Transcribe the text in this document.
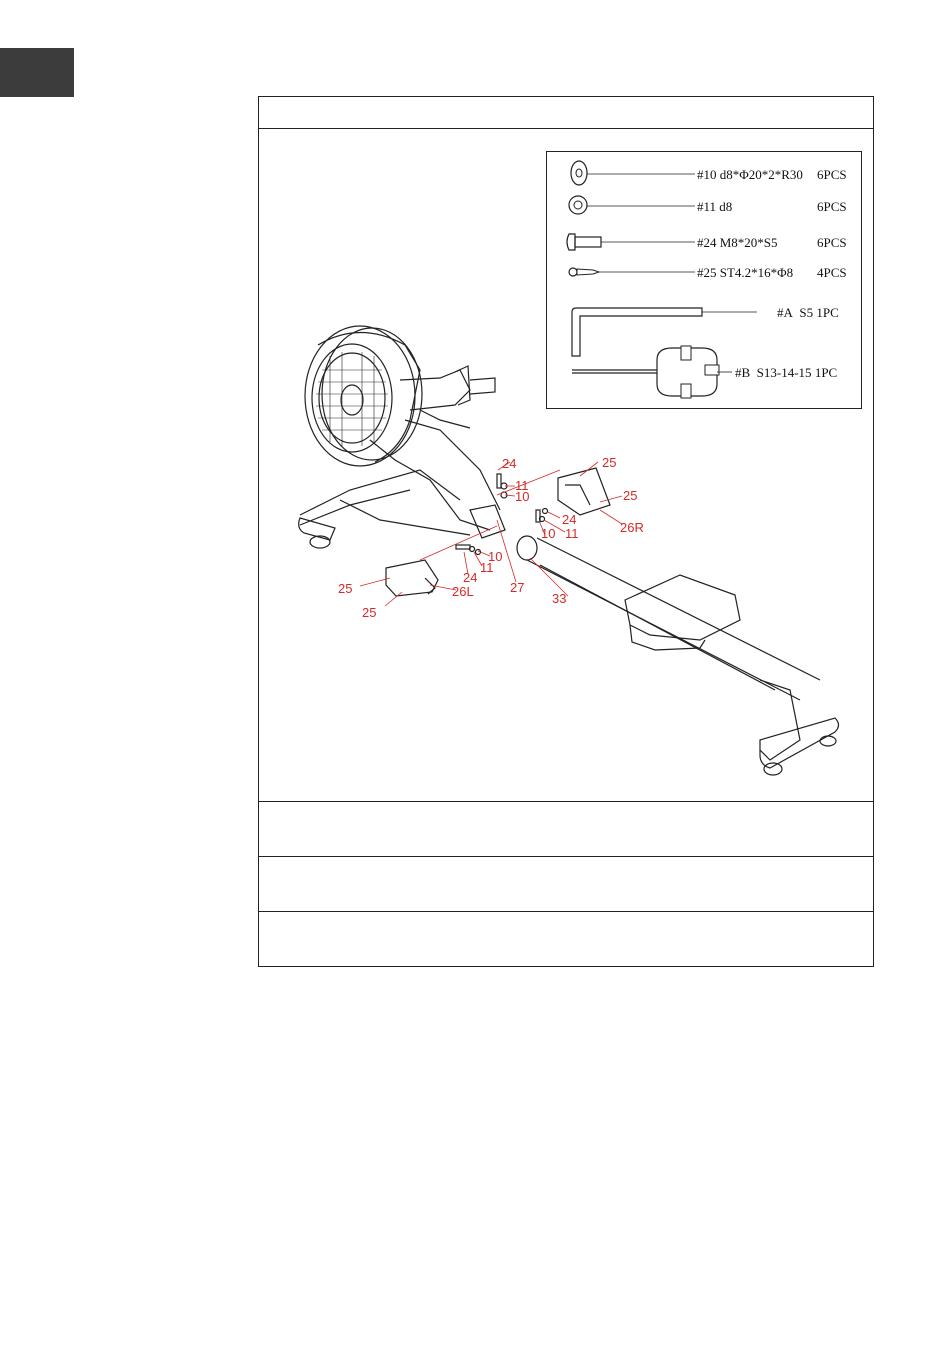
#10 d8*Φ20*2*R30 6PCS
#11 d8	6PCS
#24 M8*20*S5	6PCS
#25 ST4.2*16*Φ8 4PCS
#A S5 1PC
#B S13-14-15 1PC
24
11
10
25
25
24
11
10	26R
10
11
24
27
33
25
25
26L
